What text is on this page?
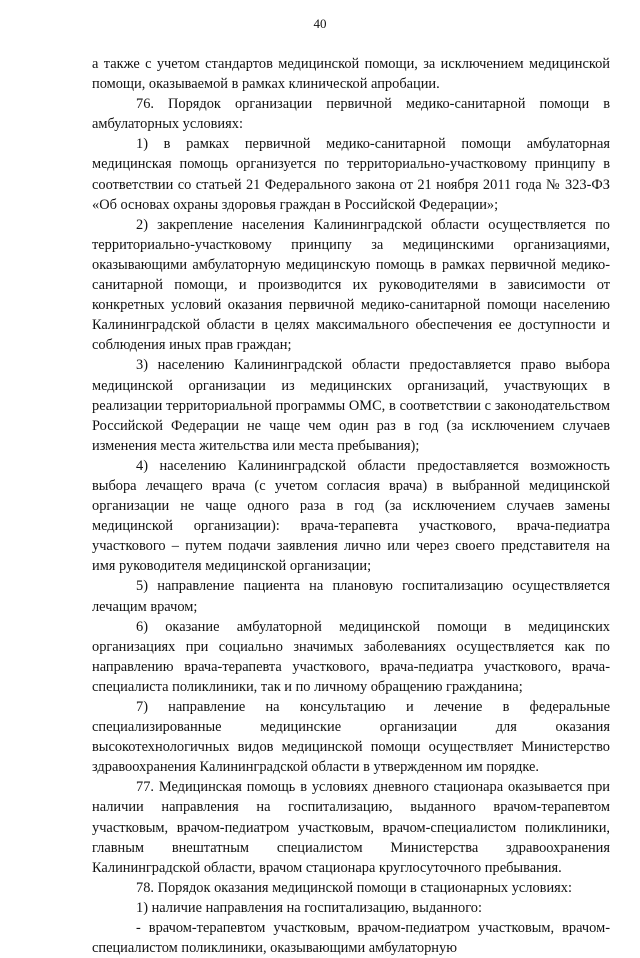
40

а также с учетом стандартов медицинской помощи, за исключением медицинской помощи, оказываемой в рамках клинической апробации.

76. Порядок организации первичной медико-санитарной помощи в амбулаторных условиях:

1) в рамках первичной медико-санитарной помощи амбулаторная медицинская помощь организуется по территориально-участковому принципу в соответствии со статьей 21 Федерального закона от 21 ноября 2011 года № 323-ФЗ «Об основах охраны здоровья граждан в Российской Федерации»;

2) закрепление населения Калининградской области осуществляется по территориально-участковому принципу за медицинскими организациями, оказывающими амбулаторную медицинскую помощь в рамках первичной медико-санитарной помощи, и производится их руководителями в зависимости от конкретных условий оказания первичной медико-санитарной помощи населению Калининградской области в целях максимального обеспечения ее доступности и соблюдения иных прав граждан;

3) населению Калининградской области предоставляется право выбора медицинской организации из медицинских организаций, участвующих в реализации территориальной программы ОМС, в соответствии с законодательством Российской Федерации не чаще чем один раз в год (за исключением случаев изменения места жительства или места пребывания);

4) населению Калининградской области предоставляется возможность выбора лечащего врача (с учетом согласия врача) в выбранной медицинской организации не чаще одного раза в год (за исключением случаев замены медицинской организации): врача-терапевта участкового, врача-педиатра участкового – путем подачи заявления лично или через своего представителя на имя руководителя медицинской организации;

5) направление пациента на плановую госпитализацию осуществляется лечащим врачом;

6) оказание амбулаторной медицинской помощи в медицинских организациях при социально значимых заболеваниях осуществляется как по направлению врача-терапевта участкового, врача-педиатра участкового, врача-специалиста поликлиники, так и по личному обращению гражданина;

7) направление на консультацию и лечение в федеральные специализированные медицинские организации для оказания высокотехнологичных видов медицинской помощи осуществляет Министерство здравоохранения Калининградской области в утвержденном им порядке.

77. Медицинская помощь в условиях дневного стационара оказывается при наличии направления на госпитализацию, выданного врачом-терапевтом участковым, врачом-педиатром участковым, врачом-специалистом поликлиники, главным внештатным специалистом Министерства здравоохранения Калининградской области, врачом стационара круглосуточного пребывания.

78. Порядок оказания медицинской помощи в стационарных условиях:

1) наличие направления на госпитализацию, выданного:

- врачом-терапевтом участковым, врачом-педиатром участковым, врачом-специалистом поликлиники, оказывающими амбулаторную
